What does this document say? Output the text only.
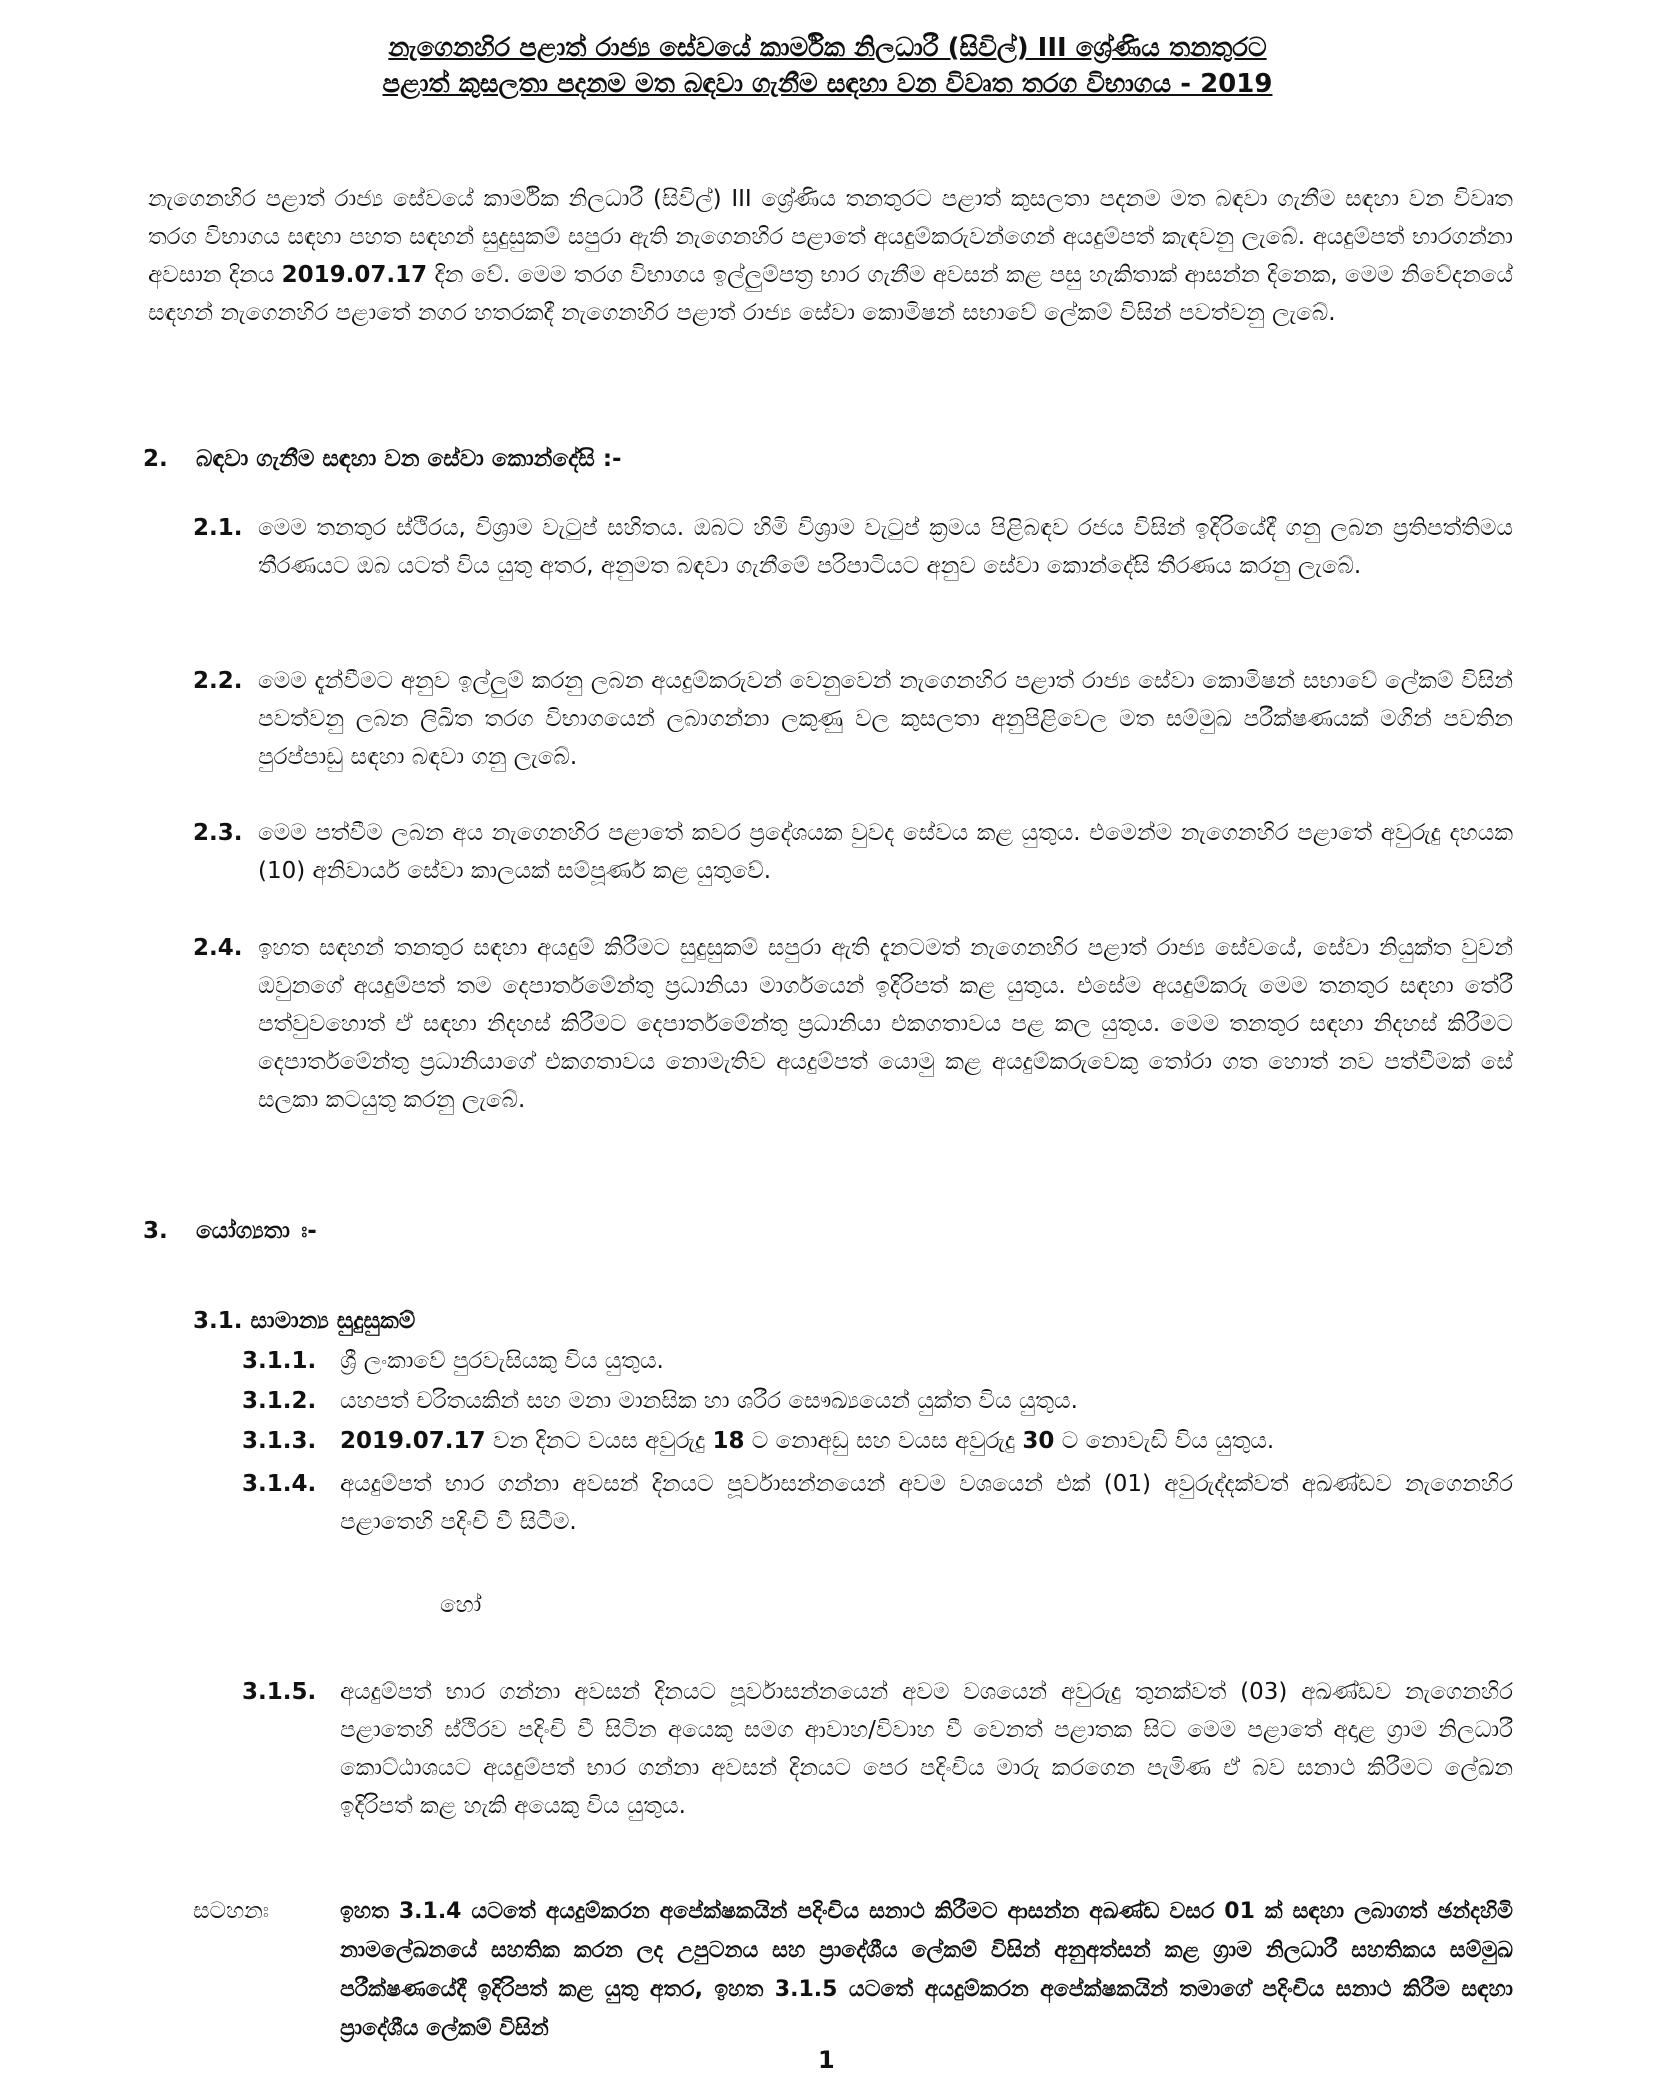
නැගෙනහිර පළාත් රාජ්‍ය සේවයේ කාර්මික නිලධාරී (සිවිල්) III ශ්‍රේණිය තනතුරට
පළාත් කුසලතා පදනම මත බඳවා ගැනීම සඳහා වන විවෘත තරග විභාගය - 2019
නැගෙනහිර පළාත් රාජ්‍ය සේවයේ කාර්මික නිලධාරී (සිවිල්) III ශ්‍රේණිය තනතුරට පළාත් කුසලතා පදනම මත බඳවා ගැනීම සඳහා වන විවෘත තරග විභාගය සඳහා පහත සඳහන් සුදුසුකම් සපුරා ඇති නැගෙනහිර පළාතේ අයදුම්කරුවන්ගෙන් අයදුම්පත් කැඳවනු ලැබේ. අයදුම්පත් භාරගන්නා අවසාන දිනය 2019.07.17 දින වේ. මෙම තරග විභාගය ඉල්ලුම්පත්‍ර භාර ගැනීම අවසන් කළ පසු හැකිතාක් ආසන්න දිනෙක, මෙම නිවේදනයේ සඳහන් නැගෙනහිර පළාතේ නගර හතරකදී නැගෙනහිර පළාත් රාජ්‍ය සේවා කොමිෂන් සභාවේ ලේකම් විසින් පවත්වනු ලැබේ.
2. බඳවා ගැනීම සඳහා වන සේවා කොන්දේසි :-
2.1. මෙම තනතුර ස්ථිරය, විශ්‍රාම වැටුප් සහිතය. ඔබට හිමි විශ්‍රාම වැටුප් ක්‍රමය පිළිබඳව රජය විසින් ඉදිරියේදී ගනු ලබන ප්‍රතිපත්තිමය තීරණයට ඔබ යටත් විය යුතු අතර, අනුමත බඳවා ගැනීමේ පරිපාටියට අනුව සේවා කොන්දේසි තීරණය කරනු ලැබේ.
2.2. මෙම දැන්වීමට අනුව ඉල්ලුම් කරනු ලබන අයදුම්කරුවන් වෙනුවෙන් නැගෙනහිර පළාත් රාජ්‍ය සේවා කොමිෂන් සභාවේ ලේකම් විසින් පවත්වනු ලබන ලිඛිත තරග විභාගයෙන් ලබාගන්නා ලකුණු වල කුසලතා අනුපිළිවෙල මත සම්මුඛ පරීක්ෂණයක් මගින් පවතින පුරප්පාඩු සඳහා බඳවා ගනු ලැබේ.
2.3. මෙම පත්වීම ලබන අය නැගෙනහිර පළාතේ කවර ප්‍රදේශයක වුවද සේවය කළ යුතුය. එමෙන්ම නැගෙනහිර පළාතේ අවුරුදු දහයක (10) අනිවාර්ය සේවා කාලයක් සම්පූර්ණ කළ යුතුවේ.
2.4. ඉහත සඳහන් තනතුර සඳහා අයදුම් කිරීමට සුදුසුකම් සපුරා ඇති දැනටමත් නැගෙනහිර පළාත් රාජ්‍ය සේවයේ, සේවා නියුක්ත වුවන් ඔවුනගේ අයදුම්පත් තම දෙපාර්තමේන්තු ප්‍රධානියා මාර්ගයෙන් ඉදිරිපත් කළ යුතුය. එසේම අයදුම්කරු මෙම තනතුර සඳහා තේරී පත්වුවහොත් ඒ සඳහා නිදහස් කිරීමට දෙපාර්තමේන්තු ප්‍රධානියා එකගතාවය පළ කල යුතුය. මෙම තනතුර සඳහා නිදහස් කිරීමට දෙපාර්තමේන්තු ප්‍රධානියාගේ එකගතාවය නොමැතිව අයදුම්පත් යොමු කළ අයදුම්කරුවෙකු තෝරා ගත හොත් නව පත්වීමක් සේ සලකා කටයුතු කරනු ලැබේ.
3. යෝග්‍යතා ඃ-
3.1. සාමාන්‍ය සුදුසුකම්
3.1.1. ශ්‍රී ලංකාවේ පුරවැසියකු විය යුතුය.
3.1.2. යහපත් චරිතයකින් සහ මනා මානසික හා ශරීර සෞඛ්‍යයෙන් යුක්ත විය යුතුය.
3.1.3. 2019.07.17 වන දිනට වයස අවුරුදු 18 ට නොඅඩු සහ වයස අවුරුදු 30 ට නොවැඩි විය යුතුය.
3.1.4. අයදුම්පත් භාර ගන්නා අවසන් දිනයට පූර්වාසන්නයෙන් අවම වශයෙන් එක් (01) අවුරුද්දක්වත් අඛණ්ඩව නැගෙනහිර පළාතෙහි පදිංචි වී සිටීම.
හෝ
3.1.5. අයදුම්පත් භාර ගන්නා අවසන් දිනයට පූර්වාසන්නයෙන් අවම වශයෙන් අවුරුදු තුනක්වත් (03) අඛණ්ඩව නැගෙනහිර පළාතෙහි ස්ථිරව පදිංචි වී සිටින අයෙකු සමග ආවාහ/විවාහ වී වෙනත් පළාතක සිට මෙම පළාතේ අදාළ ග්‍රාම නිලධාරී කොට්ඨාශයට අයදුම්පත් භාර ගන්නා අවසන් දිනයට පෙර පදිංචිය මාරු කරගෙන පැමිණ ඒ බව සනාථ කිරීමට ලේඛන ඉදිරිපත් කළ හැකි අයෙකු විය යුතුය.
සටහනඃ	ඉහත 3.1.4 යටතේ අයදුම්කරන අපේක්ෂකයින් පදිංචිය සනාථ කිරීමට ආසන්න අඛණ්ඩ වසර 01 ක් සඳහා ලබාගත් ඡන්දහිමි නාමලේඛනයේ සහතික කරන ලද උපුටනය සහ ප්‍රාදේශීය ලේකම් විසින් අනුඅත්සන් කළ ග්‍රාම නිලධාරී සහතිකය සම්මුඛ පරීක්ෂණයේදී ඉදිරිපත් කළ යුතු අතර, ඉහත 3.1.5 යටතේ අයදුම්කරන අපේක්ෂකයින් තමාගේ පදිංචිය සනාථ කිරීම සඳහා ප්‍රාදේශීය ලේකම් විසින්
1
